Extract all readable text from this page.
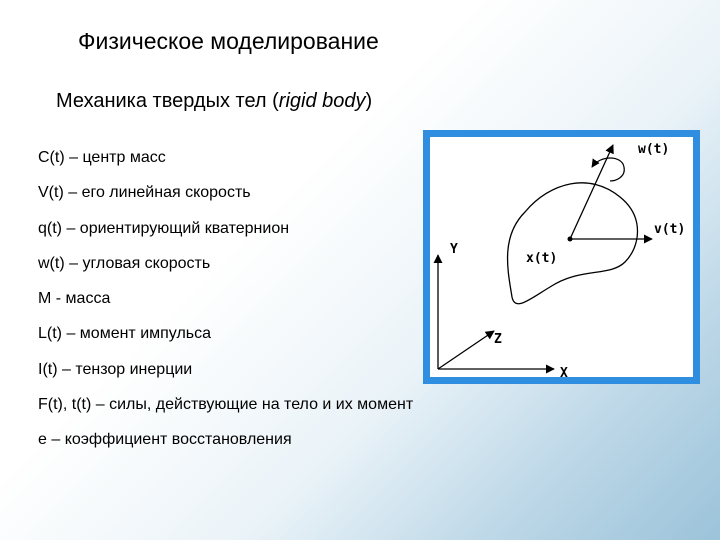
Физическое моделирование

Механика твердых тел (rigid body)

C(t) – центр масс
V(t) – его линейная скорость
q(t) – ориентирующий кватернион
w(t) – угловая скорость
M - масса
L(t) – момент импульса
I(t) – тензор инерции
F(t), t(t) – силы, действующие на тело и их момент
e – коэффициент восстановления
w(t)
v(t)
x(t)
Y
Z
X
